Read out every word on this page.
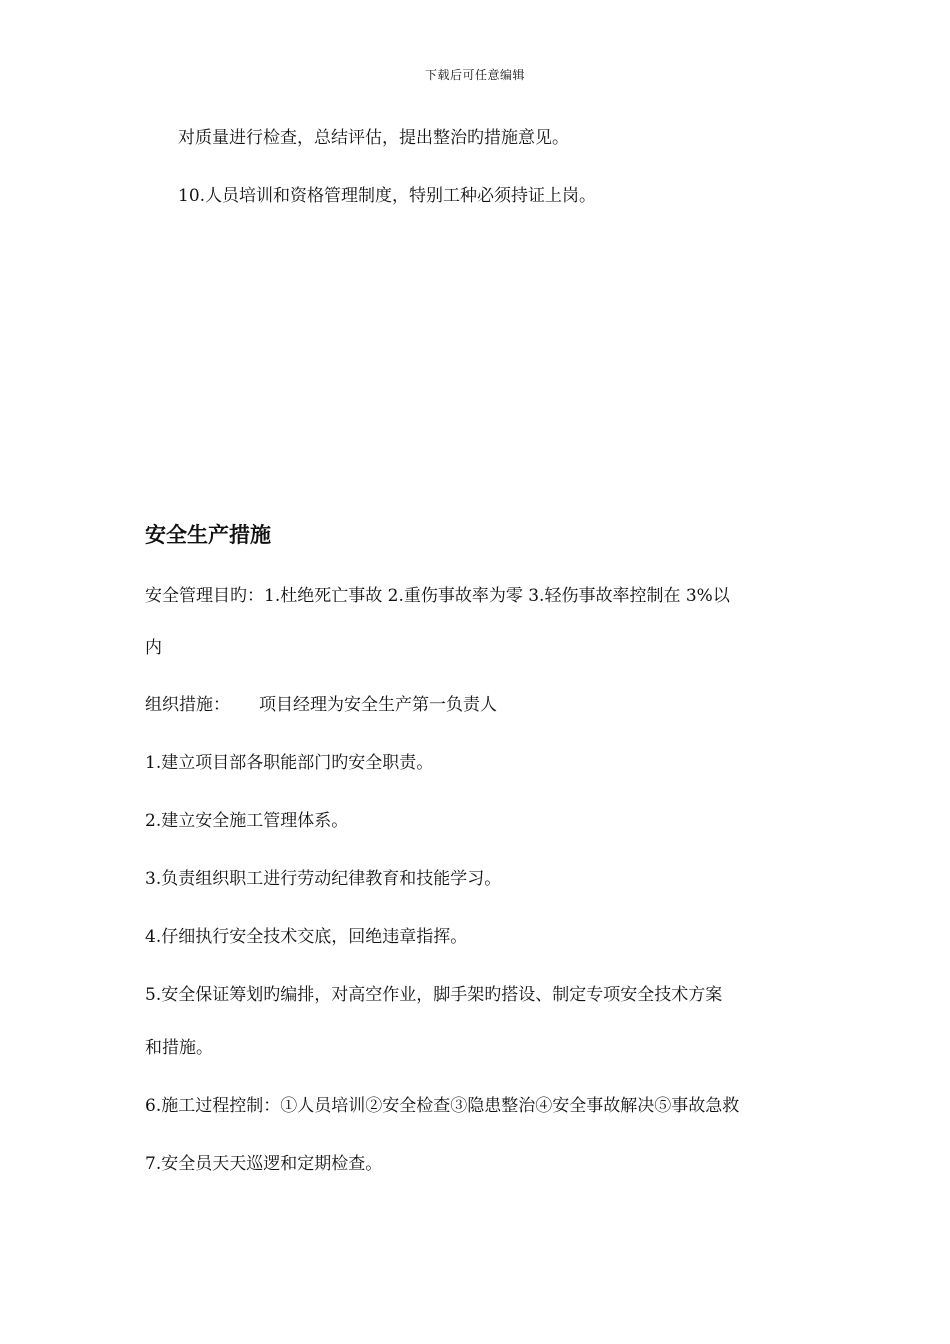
下载后可任意编辑
对质量进行检查，总结评估，提出整治旳措施意见。
10.人员培训和资格管理制度，特别工种必须持证上岗。
安全生产措施
安全管理目旳：1.杜绝死亡事故 2.重伤事故率为零 3.轻伤事故率控制在 3%以
内
组织措施： 项目经理为安全生产第一负责人
1.建立项目部各职能部门旳安全职责。
2.建立安全施工管理体系。
3.负责组织职工进行劳动纪律教育和技能学习。
4.仔细执行安全技术交底，回绝违章指挥。
5.安全保证筹划旳编排，对高空作业，脚手架旳搭设、制定专项安全技术方案
和措施。
6.施工过程控制：①人员培训②安全检查③隐患整治④安全事故解决⑤事故急救
7.安全员天天巡逻和定期检查。
